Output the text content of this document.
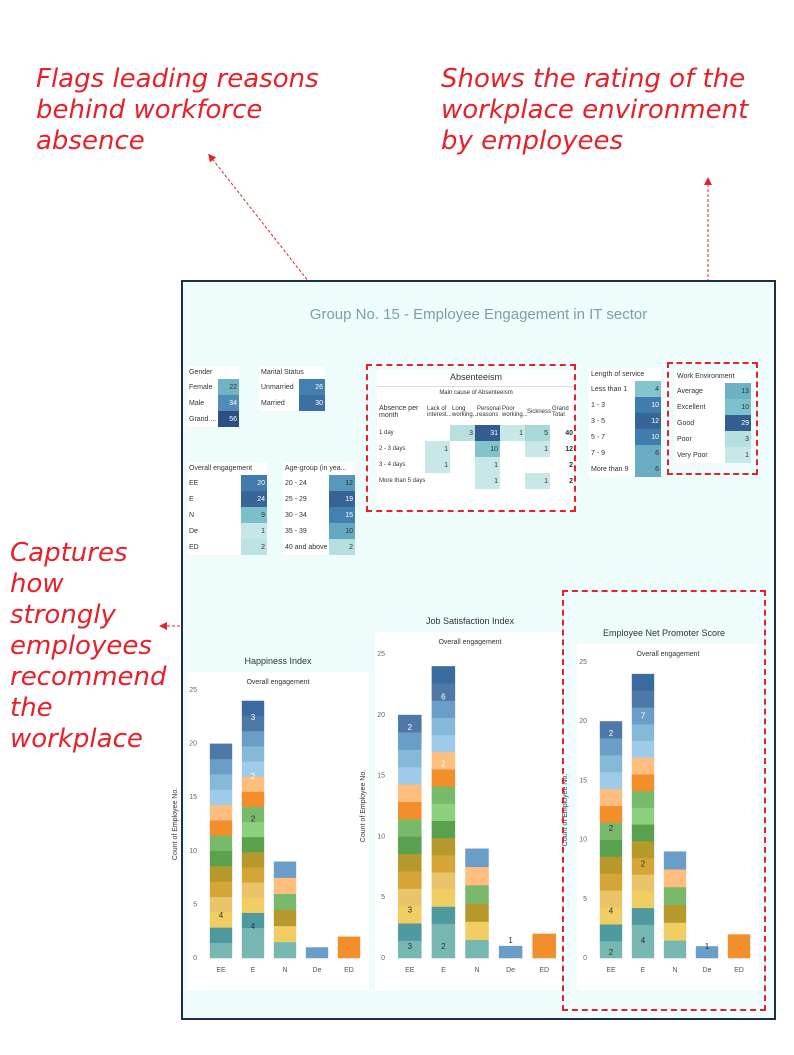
Flags leading reasons
behind workforce
absence
Shows the rating of the
workplace environment
by employees
Captures
how
strongly
employees
recommend
the
workplace
Group No. 15 - Employee Engagement in IT sector
Gender
Female	22
Male	34
Grand ...	56
Marital Status
Unmarried	26
Married	30
Overall engagement
EE	20
E	24
N	9
De	1
ED	2
Age-group (in yea...
20 - 24	12
25 - 29	19
30 - 34	15
35 - 39	10
40 and above	2
Absenteeism
Main cause of Absenteeism
Absence per month	Lack of interest...	Long working...	Personal reasons	Poor working...	Sickness	Grand Total
1 day		3	31	1	5	40
2 - 3 days	1		10		1	12
3 - 4 days	1		1			2
More than 5 days			1		1	2
Length of service
Less than 1	4
1 - 3	10
3 - 5	12
5 - 7	10
7 - 9	6
More than 9	6
Work Environment
Average	13
Excellent	10
Good	29
Poor	3
Very Poor	1
Happiness Index
Overall engagement
Count of Employee No.
0
5
10
15
20
25
EE	E	N	De	ED
4
3
2
2
4
Job Satisfaction Index
Overall engagement
Count of Employee No.
0
5
10
15
20
25
EE	E	N	De	ED
2
3
3
6
2
2
1
Employee Net Promoter Score
Overall engagement
Count of Employee No.
0
5
10
15
20
25
EE	E	N	De	ED
2
2
4
2
7
2
4
1
